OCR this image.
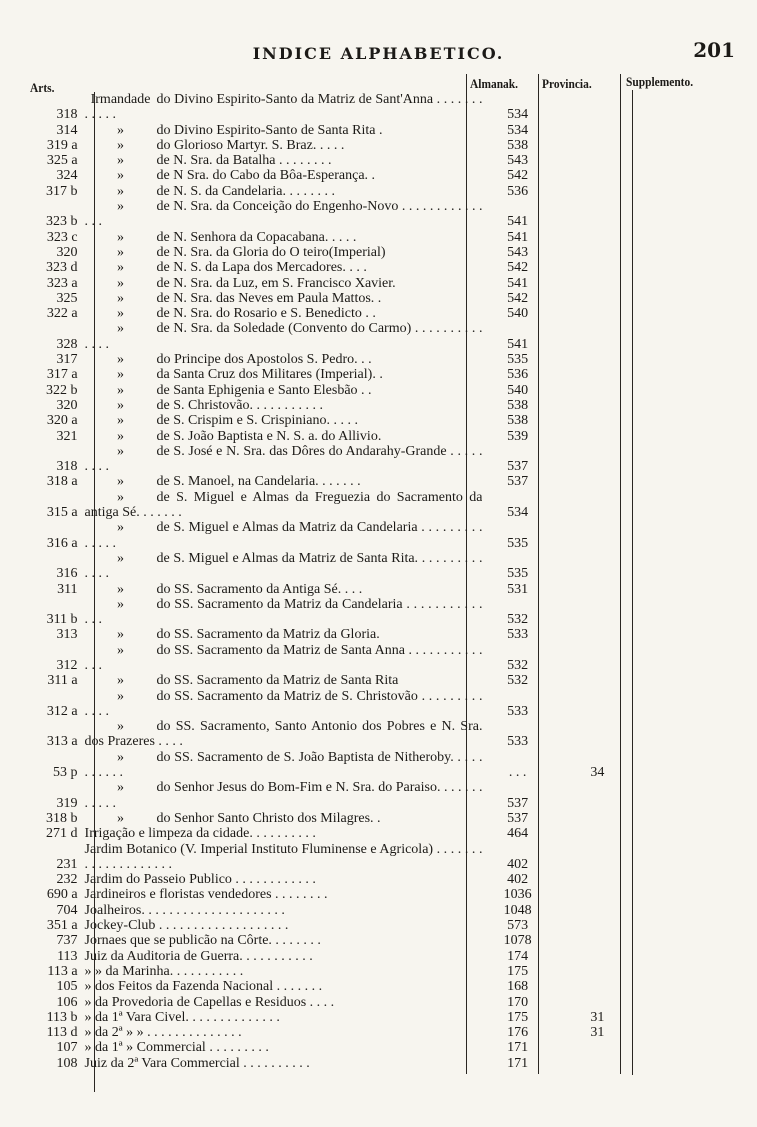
INDICE ALPHABETICO.	201
Arts.	Almanak. Provincia.	Supplemento.
318	Irmandade do Divino Espirito-Santo da Matriz de Sant'Anna . . . . . . . . . . . .	534	
314	» do Divino Espirito-Santo de Santa Rita .	534	
319 a	» do Glorioso Martyr. S. Braz. . . . .	538	
325 a	» de N. Sra. da Batalha . . . . . . . .	543	
324	» de N Sra. do Cabo da Bôa-Esperança. .	542	
317 b	» de N. S. da Candelaria. . . . . . . .	536	
323 b	» de N. Sra. da Conceição do Engenho-Novo . . . . . . . . . . . . . . .	541	
323 c	» de N. Senhora da Copacabana. . . . .	541	
320	» de N. Sra. da Gloria do O teiro(Imperial)	543	
323 d	» de N. S. da Lapa dos Mercadores. . . .	542	
323 a	» de N. Sra. da Luz, em S. Francisco Xavier.	541	
325	» de N. Sra. das Neves em Paula Mattos. .	542	
322 a	» de N. Sra. do Rosario e S. Benedicto . .	540	
328	» de N. Sra. da Soledade (Convento do Carmo) . . . . . . . . . . . . . .	541	
317	» do Principe dos Apostolos S. Pedro. . .	535	
317 a	» da Santa Cruz dos Militares (Imperial). .	536	
322 b	» de Santa Ephigenia e Santo Elesbão . .	540	
320	» de S. Christovão. . . . . . . . . . .	538	
320 a	» de S. Crispim e S. Crispiniano. . . . .	538	
321	» de S. João Baptista e N. S. a. do Allivio.	539	
318	» de S. José e N. Sra. das Dôres do Andarahy-Grande . . . . . . . . .	537	
318 a	» de S. Manoel, na Candelaria. . . . . . .	537	
315 a	» de S. Miguel e Almas da Freguezia do Sacramento da antiga Sé. . . . . . .	534	
316 a	» de S. Miguel e Almas da Matriz da Candelaria . . . . . . . . . . . . . .	535	
316	» de S. Miguel e Almas da Matriz de Santa Rita. . . . . . . . . . . . . .	535	
311	» do SS. Sacramento da Antiga Sé. . . .	531	
311 b	» do SS. Sacramento da Matriz da Candelaria . . . . . . . . . . . . . .	532	
313	» do SS. Sacramento da Matriz da Gloria.	533	
312	» do SS. Sacramento da Matriz de Santa Anna . . . . . . . . . . . . . .	532	
311 a	» do SS. Sacramento da Matriz de Santa Rita	532	
312 a	» do SS. Sacramento da Matriz de S. Christovão . . . . . . . . . . . . .	533	
313 a	» do SS. Sacramento, Santo Antonio dos Pobres e N. Sra. dos Prazeres . . . .	533	
53 p	» do SS. Sacramento de S. João Baptista de Nitheroby. . . . . . . . . . .	. . .	34
319	» do Senhor Jesus do Bom-Fim e N. Sra. do Paraiso. . . . . . . . . . . .	537	
318 b	» do Senhor Santo Christo dos Milagres. .	537	
271 d	Irrigação e limpeza da cidade. . . . . . . . . .	464	
231	Jardim Botanico (V. Imperial Instituto Fluminense e Agricola) . . . . . . . . . . . . . . . . . . . .	402	
232	Jardim do Passeio Publico . . . . . . . . . . . .	402	
690 a	Jardineiros e floristas vendedores . . . . . . . .	1036	
704	Joalheiros. . . . . . . . . . . . . . . . . . . . .	1048	
351 a	Jockey-Club . . . . . . . . . . . . . . . . . . .	573	
737	Jornaes que se publicão na Côrte. . . . . . . .	1078	
113	Juiz da Auditoria de Guerra. . . . . . . . . . .	174	
113 a	» » da Marinha. . . . . . . . . . .	175	
105	» dos Feitos da Fazenda Nacional . . . . . . .	168	
106	» da Provedoria de Capellas e Residuos . . . .	170	
113 b	» da 1ª Vara Civel. . . . . . . . . . . . . .	175	31
113 d	» da 2ª » » . . . . . . . . . . . . . .	176	31
107	» da 1ª » Commercial . . . . . . . . .	171	
108	Juiz da 2ª Vara Commercial . . . . . . . . . .	171	
